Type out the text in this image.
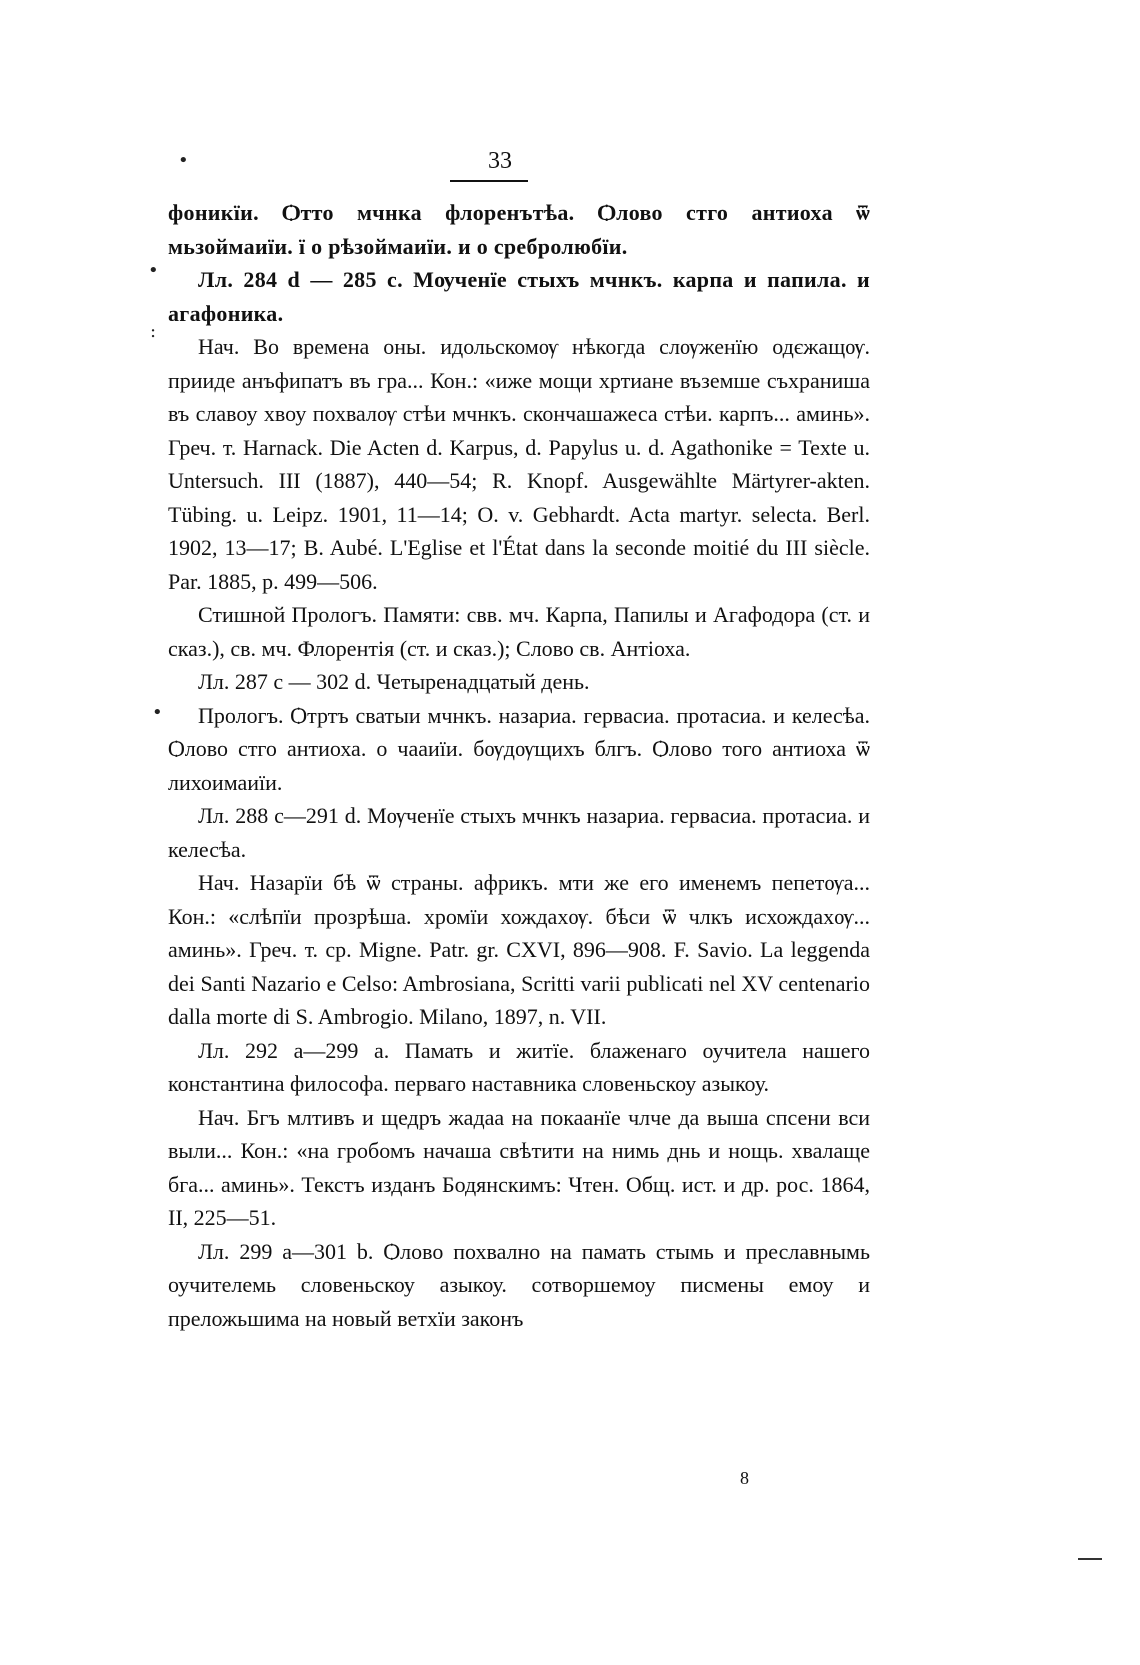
33
•
•
:
•

фоникїи. Ѻтто мчнка флоренътѣа. Ѻлово стго антиоха ѿ мьзоймаиїи. ї о рѣзоймаиїи. и о сребролюбїи.

Лл. 284 d — 285 с. Мѹченїе стыхъ мчнкъ. карпа и папила. и агафоника.

Нач. Во времена оны. идольскомѹ нѣкогда слѹженїю одєжащѹ. прииде анъфипатъ въ гра... Кон.: «иже мощи хртиане въземше съхраниша въ славоу хвоу похвалѹ стѣи мчнкъ. скончашажеса стѣи. карпъ... аминь». Греч. т. Harnack. Die Acten d. Karpus, d. Papylus u. d. Agathonike = Texte u. Untersuch. III (1887), 440—54; R. Knopf. Ausgewählte Märtyrer-akten. Tübing. u. Leipz. 1901, 11—14; O. v. Gebhardt. Acta martyr. selecta. Berl. 1902, 13—17; B. Aubé. L'Eglise et l'État dans la seconde moitié du III siècle. Par. 1885, p. 499—506.

Стишной Прологъ. Памяти: свв. мч. Карпа, Папилы и Агафодора (ст. и сказ.), св. мч. Флорентія (ст. и сказ.); Слово св. Антіоха.

Лл. 287 с — 302 d. Четыренадцатый день.

Прологъ. Ѻтртъ сватыи мчнкъ. назариа. гервасиа. протасиа. и келесѣа. Ѻлово стго антиоха. о чааиїи. бѹдѹщихъ блгъ. Ѻлово того антиоха ѿ лихоимаиїи.

Лл. 288 с—291 d. Мѹченїе стыхъ мчнкъ назариа. гервасиа. протасиа. и келесѣа.

Нач. Назарїи бѣ ѿ страны. африкъ. мти же его именемъ пепетѹа... Кон.: «слѣпїи прозрѣша. хромїи хождахѹ. бѣси ѿ члкъ исхождахѹ... аминь». Греч. т. ср. Migne. Patr. gr. CXVI, 896—908. F. Savio. La leggenda dei Santi Nazario e Celso: Ambrosiana, Scritti varii publicati nel XV centenario dalla morte di S. Ambrogio. Milano, 1897, n. VII.

Лл. 292 а—299 а. Памать и житїе. блаженаго оучитела нашего константина философа. перваго наставника словеньскоу азыкоу.

Нач. Бгъ млтивъ и щедръ жадаа на покаанїе члче да выша спсени вси выли... Кон.: «на гробомъ начаша свѣтити на нимь днь и нощь. хвалаще бга... аминь». Текстъ изданъ Бодянскимъ: Чтен. Общ. ист. и др. рос. 1864, II, 225—51.

Лл. 299 а—301 b. Ѻлово похвално на памать стымь и преславнымь оучителемь словеньскоу азыкоу. сотворшемоу писмены емоу и преложьшима на новый ветхїи законъ

8
